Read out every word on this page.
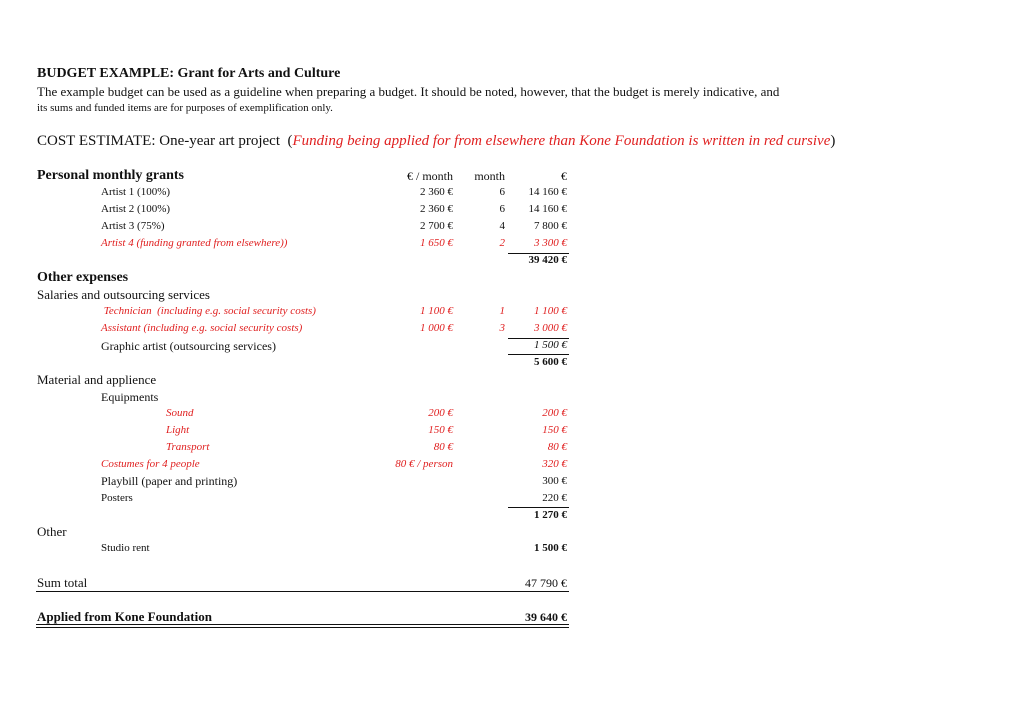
BUDGET EXAMPLE: Grant for Arts and Culture
The example budget can be used as a guideline when preparing a budget. It should be noted, however, that the budget is merely indicative, and
its sums and funded items are for purposes of exemplification only.
COST ESTIMATE: One-year art project (Funding being applied for from elsewhere than Kone Foundation is written in red cursive)
Personal monthly grants	€ / month	month	€
Artist 1 (100%)	2 360 €	6	14 160 €
Artist 2 (100%)	2 360 €	6	14 160 €
Artist 3 (75%)	2 700 €	4	7 800 €
Artist 4 (funding granted from elsewhere))	1 650 €	2	3 300 €
39 420 €
Other expenses
Salaries and outsourcing services
Technician  (including e.g. social security costs)	1 100 €	1	1 100 €
Assistant (including e.g. social security costs)	1 000 €	3	3 000 €
Graphic artist (outsourcing services)	1 500 €
5 600 €
Material and applience
Equipments
Sound	200 €	200 €
Light	150 €	150 €
Transport	80 €	80 €
Costumes for 4 people	80 € / person	320 €
Playbill (paper and printing)	300 €
Posters	220 €
1 270 €
Other
Studio rent	1 500 €
Sum total	47 790 €
Applied from Kone Foundation	39 640 €
